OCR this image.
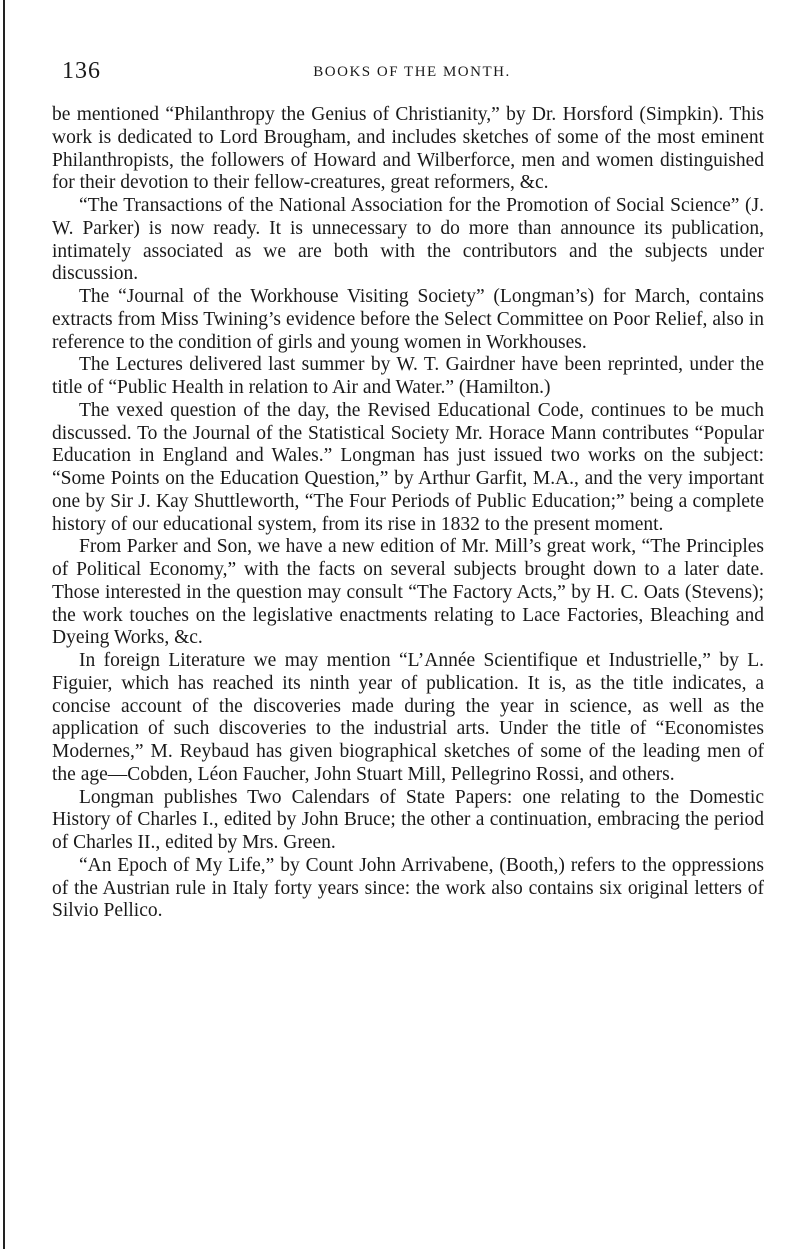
136	BOOKS OF THE MONTH.

be mentioned “Philanthropy the Genius of Christianity,” by Dr. Horsford (Simpkin). This work is dedicated to Lord Brougham, and includes sketches of some of the most eminent Philanthropists, the followers of Howard and Wilberforce, men and women distinguished for their devotion to their fellow-creatures, great reformers, &c.

“The Transactions of the National Association for the Promotion of Social Science” (J. W. Parker) is now ready. It is unnecessary to do more than announce its publication, intimately associated as we are both with the contributors and the subjects under discussion.

The “Journal of the Workhouse Visiting Society” (Longman’s) for March, contains extracts from Miss Twining’s evidence before the Select Committee on Poor Relief, also in reference to the condition of girls and young women in Workhouses.

The Lectures delivered last summer by W. T. Gairdner have been reprinted, under the title of “Public Health in relation to Air and Water.” (Hamilton.)

The vexed question of the day, the Revised Educational Code, continues to be much discussed. To the Journal of the Statistical Society Mr. Horace Mann contributes “Popular Education in England and Wales.” Longman has just issued two works on the subject: “Some Points on the Education Question,” by Arthur Garfit, M.A., and the very important one by Sir J. Kay Shuttleworth, “The Four Periods of Public Education;” being a complete history of our educational system, from its rise in 1832 to the present moment.

From Parker and Son, we have a new edition of Mr. Mill’s great work, “The Principles of Political Economy,” with the facts on several subjects brought down to a later date. Those interested in the question may consult “The Factory Acts,” by H. C. Oats (Stevens); the work touches on the legislative enactments relating to Lace Factories, Bleaching and Dyeing Works, &c.

In foreign Literature we may mention “L’Année Scientifique et Industrielle,” by L. Figuier, which has reached its ninth year of publication. It is, as the title indicates, a concise account of the discoveries made during the year in science, as well as the application of such discoveries to the industrial arts. Under the title of “Economistes Modernes,” M. Reybaud has given biographical sketches of some of the leading men of the age—Cobden, Léon Faucher, John Stuart Mill, Pellegrino Rossi, and others.

Longman publishes Two Calendars of State Papers: one relating to the Domestic History of Charles I., edited by John Bruce; the other a continuation, embracing the period of Charles II., edited by Mrs. Green.

“An Epoch of My Life,” by Count John Arrivabene, (Booth,) refers to the oppressions of the Austrian rule in Italy forty years since: the work also contains six original letters of Silvio Pellico.
